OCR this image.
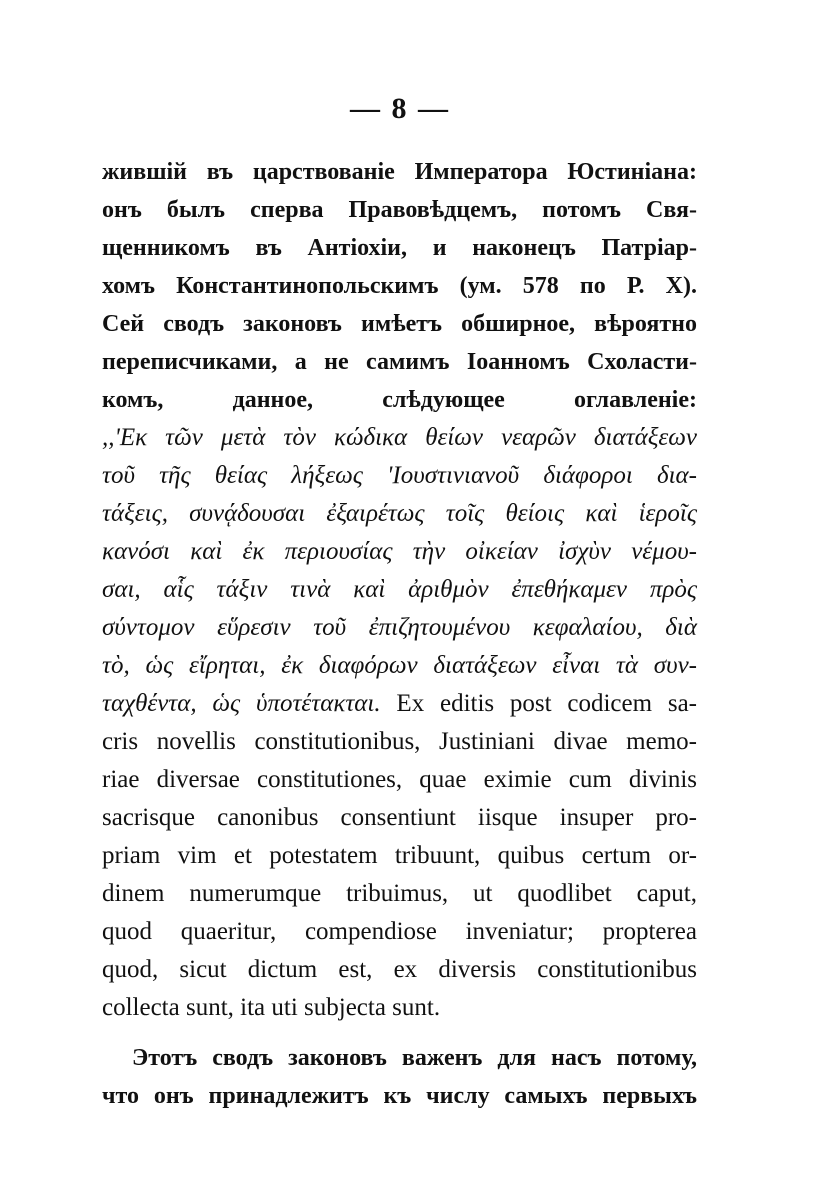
— 8 —
жившiй въ царствованiе Императора Юстинiана:
онъ былъ сперва Правовѣдцемъ, потомъ Свя-
щенникомъ въ Антiохiи, и наконецъ Патрiар-
хомъ Константинопольскимъ (ум. 578 по Р. X).
Сей сводъ законовъ имѣетъ обширное, вѣроятно
переписчиками, а не самимъ Iоанномъ Схоласти-
комъ, данное, слѣдующее оглавленiе:
,,'Εκ τῶν μετὰ τὸν κώδικα θείων νεαρῶν διατάξεων
τοῦ τῆς θείας λήξεως 'Ιουστινιανοῦ διάφοροι δια-
τάξεις, συνᾴδουσαι ἐξαιρέτως τοῖς θείοις καὶ ἱεροῖς
κανόσι καὶ ἐκ περιουσίας τὴν οἰκείαν ἰσχὺν νέμου-
σαι, αἷς τάξιν τινὰ καὶ ἀριθμὸν ἐπεθήκαμεν πρὸς
σύντομον εὕρεσιν τοῦ ἐπιζητουμένου κεφαλαίου, διὰ
τὸ, ὡς εἴρηται, ἐκ διαφόρων διατάξεων εἶναι τὰ συν-
ταχθέντα, ὡς ὑποτέτακται. Ex editis post codicem sa-
cris novellis constitutionibus, Justiniani divae memo-
riae diversae constitutiones, quae eximie cum divinis
sacrisque canonibus consentiunt iisque insuper pro-
priam vim et potestatem tribuunt, quibus certum or-
dinem numerumque tribuimus, ut quodlibet caput,
quod quaeritur, compendiose inveniatur; propterea
quod, sicut dictum est, ex diversis constitutionibus
collecta sunt, ita uti subjecta sunt.
Этотъ сводъ законовъ важенъ для насъ потому,
что онъ принадлежитъ къ числу самыхъ первыхъ
